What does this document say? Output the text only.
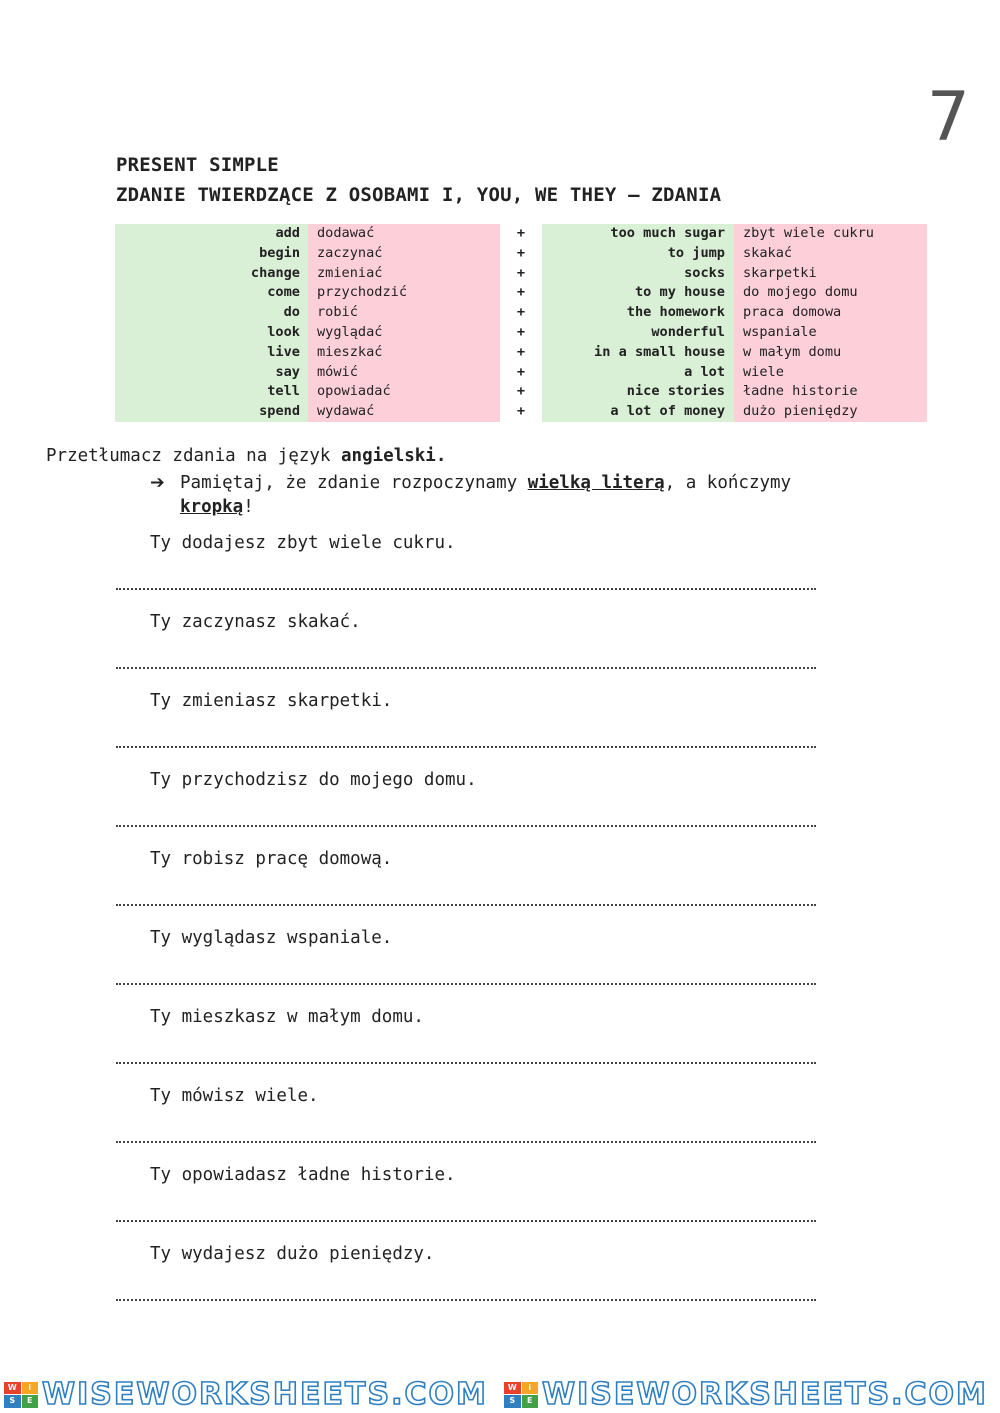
7
PRESENT SIMPLE
ZDANIE TWIERDZĄCE Z OSOBAMI I, YOU, WE THEY – ZDANIA
add	dodawać	+	too much sugar	zbyt wiele cukru
begin	zaczynać	+	to jump	skakać
change	zmieniać	+	socks	skarpetki
come	przychodzić	+	to my house	do mojego domu
do	robić	+	the homework	praca domowa
look	wyglądać	+	wonderful	wspaniale
live	mieszkać	+	in a small house	w małym domu
say	mówić	+	a lot	wiele
tell	opowiadać	+	nice stories	ładne historie
spend	wydawać	+	a lot of money	dużo pieniędzy
Przetłumacz zdania na język angielski.
➔ Pamiętaj, że zdanie rozpoczynamy wielką literą, a kończymy
kropką!
Ty dodajesz zbyt wiele cukru.
Ty zaczynasz skakać.
Ty zmieniasz skarpetki.
Ty przychodzisz do mojego domu.
Ty robisz pracę domową.
Ty wyglądasz wspaniale.
Ty mieszkasz w małym domu.
Ty mówisz wiele.
Ty opowiadasz ładne historie.
Ty wydajesz dużo pieniędzy.
W	i
S	E WISEWORKSHEETS.COM	W	i
S	E WISEWORKSHEETS.COM
